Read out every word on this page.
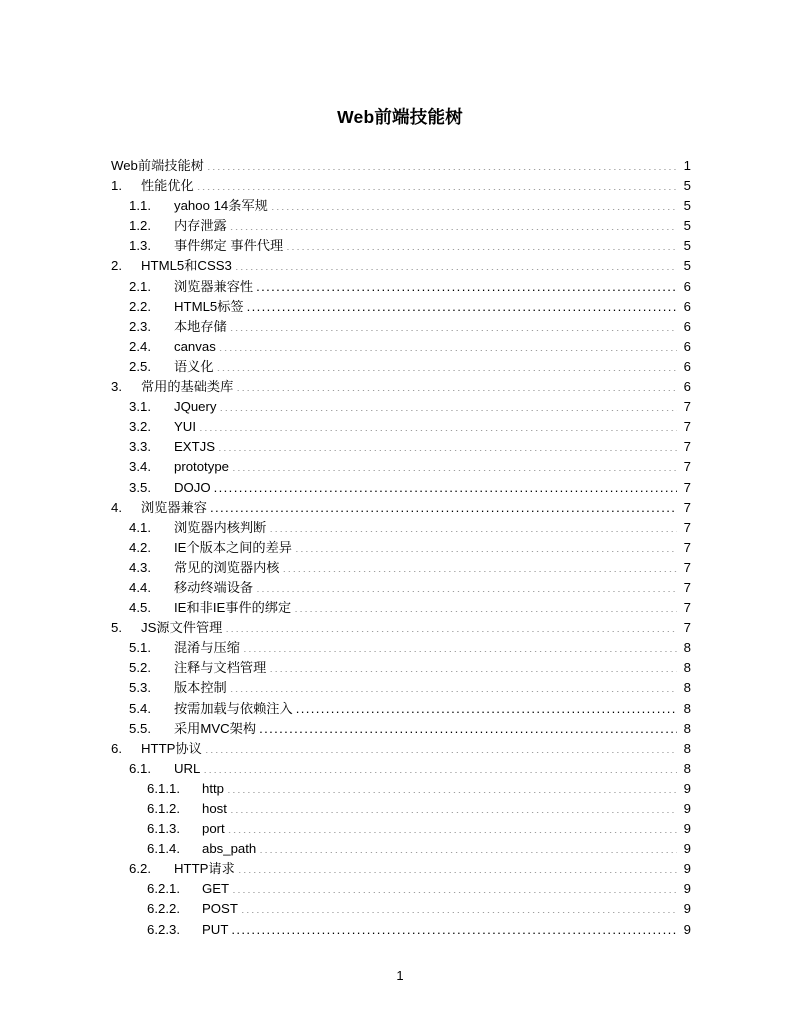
Web前端技能树
Web前端技能树 .....	1
1.	性能优化 .....	5
1.1.	yahoo 14条军规 .....	5
1.2.	内存泄露 .....	5
1.3.	事件绑定 事件代理 .....	5
2.	HTML5和CSS3 .....	5
2.1.	浏览器兼容性 .....	6
2.2.	HTML5标签 .....	6
2.3.	本地存储 .....	6
2.4.	canvas .....	6
2.5.	语义化 .....	6
3.	常用的基础类库 .....	6
3.1.	JQuery .....	7
3.2.	YUI .....	7
3.3.	EXTJS .....	7
3.4.	prototype .....	7
3.5.	DOJO .....	7
4.	浏览器兼容 .....	7
4.1.	浏览器内核判断 .....	7
4.2.	IE个版本之间的差异 .....	7
4.3.	常见的浏览器内核 .....	7
4.4.	移动终端设备 .....	7
4.5.	IE和非IE事件的绑定 .....	7
5.	JS源文件管理 .....	7
5.1.	混淆与压缩 .....	8
5.2.	注释与文档管理 .....	8
5.3.	版本控制 .....	8
5.4.	按需加载与依赖注入 .....	8
5.5.	采用MVC架构 .....	8
6.	HTTP协议 .....	8
6.1.	URL .....	8
6.1.1.	http .....	9
6.1.2.	host .....	9
6.1.3.	port .....	9
6.1.4.	abs_path .....	9
6.2.	HTTP请求 .....	9
6.2.1.	GET .....	9
6.2.2.	POST .....	9
6.2.3.	PUT .....	9
1
